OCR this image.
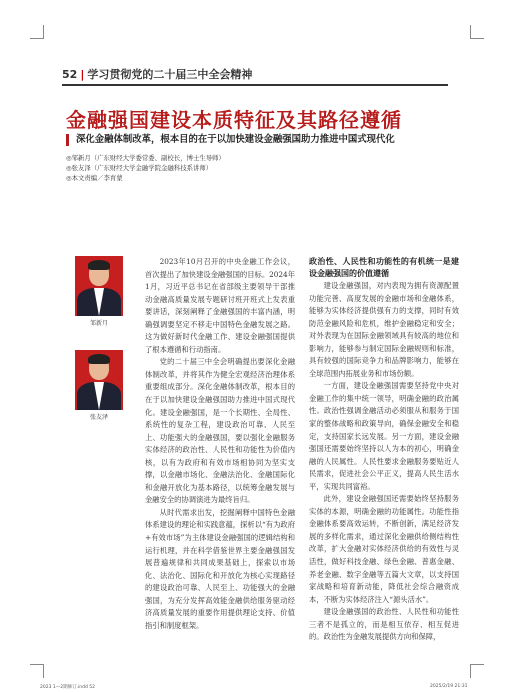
52 | 学习贯彻党的二十届三中全会精神
金融强国建设本质特征及其路径遵循
深化金融体制改革，根本目的在于以加快建设金融强国助力推进中国式现代化
◎邹新月（广东财经大学委常委、副校长，博士生导师）
◎张友泽（广东财经大学金融学院金融科技系讲师）
◎本文责编／李育蒙
邹新月
张友泽

2023年10月召开的中央金融工作会议，首次提出了加快建设金融强国的目标。2024年1月，习近平总书记在省部级主要领导干部推动金融高质量发展专题研讨班开班式上发表重要讲话，深刻阐释了金融强国的丰富内涵，明确强调要坚定不移走中国特色金融发展之路。这为做好新时代金融工作、建设金融强国提供了根本遵循和行动指南。

党的二十届三中全会明确提出要深化金融体制改革，并将其作为健全宏观经济治理体系重要组成部分。深化金融体制改革，根本目的在于以加快建设金融强国助力推进中国式现代化。建设金融强国，是一个长期性、全局性、系统性的复杂工程，建设政治可靠、人民至上、功能强大的金融强国，要以强化金融服务实体经济的政治性、人民性和功能性为价值内核，以有为政府和有效市场相协同为坚实支撑，以金融市场化、金融法治化、金融国际化和金融开放化为基本路径，以统筹金融发展与金融安全的协调演进为最终旨归。

从时代需求出发，挖掘阐释中国特色金融体系建设的理论和实践意蕴，探析以“有为政府+有效市场”为主体建设金融强国的逻辑结构和运行机理，并在科学借鉴世界主要金融强国发展普遍规律和共同成果基础上，探索以市场化、法治化、国际化和开放化为核心实现路径的建设政治可靠、人民至上、功能强大的金融强国，为充分发挥高效能金融供给服务驱动经济高质量发展的重要作用提供理论支持、价值指引和制度框架。

政治性、人民性和功能性的有机统一是建设金融强国的价值遵循

建设金融强国，对内表现为拥有资源配置功能完善、高度发展的金融市场和金融体系，能够为实体经济提供强有力的支撑，同时有效防范金融风险和危机，维护金融稳定和安全；对外表现为在国际金融领域具有较高的地位和影响力，能够参与制定国际金融规则和标准，具有较强的国际竞争力和品牌影响力，能够在全球范围内拓展业务和市场份额。

一方面，建设金融强国需要坚持党中央对金融工作的集中统一领导，明确金融的政治属性。政治性强调金融活动必须服从和服务于国家的整体战略和政策导向，确保金融安全和稳定，支持国家长远发展。另一方面，建设金融强国还需要始终坚持以人为本的初心，明确金融的人民属性。人民性要求金融服务要贴近人民需求，促进社会公平正义，提高人民生活水平，实现共同富裕。

此外，建设金融强国还需要始终坚持服务实体的本源，明确金融的功能属性。功能性指金融体系要高效运转，不断创新，满足经济发展的多样化需求，通过深化金融供给侧结构性改革，扩大金融对实体经济供给的有效性与灵活性，做好科技金融、绿色金融、普惠金融、养老金融、数字金融等五篇大文章，以支持国家战略和培育新动能，降低社会综合融资成本，不断为实体经济注入“源头活水”。

建设金融强国的政治性、人民性和功能性三者不是孤立的，而是相互依存、相互促进的。政治性为金融发展提供方向和保障，

2023 1—2期修订.indd 52	2025/2/19 21:31
